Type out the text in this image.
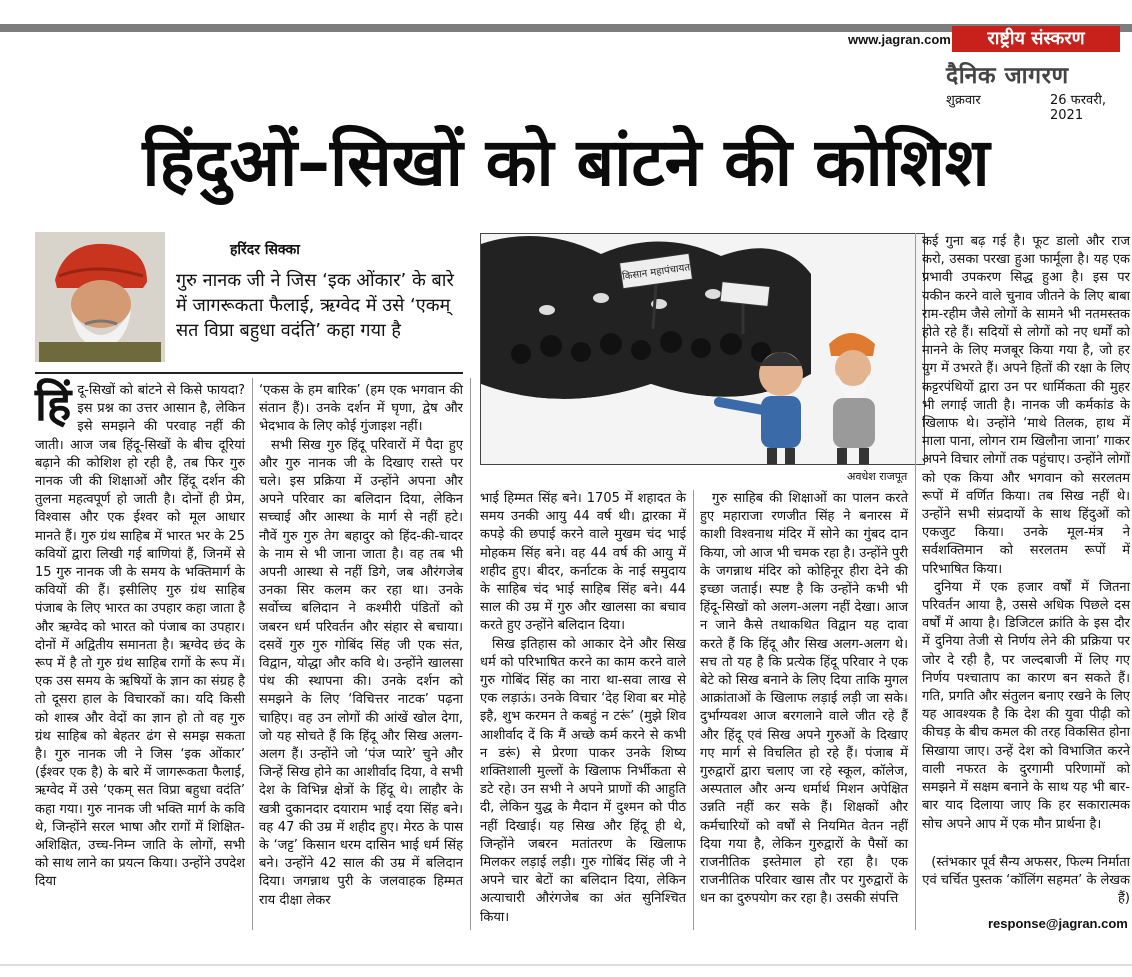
www.jagran.com	राष्ट्रीय संस्करण
दैनिक जागरण
शुक्रवार	26 फरवरी, 2021
हिंदुओं–सिखों को बांटने की कोशिश
हरिंदर सिक्का
गुरु नानक जी ने जिस ‘इक ओंकार’ के बारे में जागरूकता फैलाई, ऋग्वेद में उसे ‘एकम् सत विप्रा बहुधा वदंति’ कहा गया है
हिं दू-सिखों को बांटने से किसे फायदा? इस प्रश्न का उत्तर आसान है, लेकिन इसे समझने की परवाह नहीं की जाती। आज जब हिंदू-सिखों के बीच दूरियां बढ़ाने की कोशिश हो रही है, तब फिर गुरु नानक जी की शिक्षाओं और हिंदू दर्शन की तुलना महत्वपूर्ण हो जाती है। दोनों ही प्रेम, विश्वास और एक ईश्वर को मूल आधार मानते हैं। गुरु ग्रंथ साहिब में भारत भर के 25 कवियों द्वारा लिखी गई बाणियां हैं, जिनमें से 15 गुरु नानक जी के समय के भक्तिमार्ग के कवियों की हैं। इसीलिए गुरु ग्रंथ साहिब पंजाब के लिए भारत का उपहार कहा जाता है और ऋग्वेद को भारत को पंजाब का उपहार। दोनों में अद्वितीय समानता है। ऋग्वेद छंद के रूप में है तो गुरु ग्रंथ साहिब रागों के रूप में। एक उस समय के ऋषियों के ज्ञान का संग्रह है तो दूसरा हाल के विचारकों का। यदि किसी को शास्त्र और वेदों का ज्ञान हो तो वह गुरु ग्रंथ साहिब को बेहतर ढंग से समझ सकता है। गुरु नानक जी ने जिस ‘इक ओंकार’ (ईश्वर एक है) के बारे में जागरूकता फैलाई, ऋग्वेद में उसे ‘एकम् सत विप्रा बहुधा वदंति’ कहा गया। गुरु नानक जी भक्ति मार्ग के कवि थे, जिन्होंने सरल भाषा और रागों में शिक्षित-अशिक्षित, उच्च-निम्न जाति के लोगों, सभी को साथ लाने का प्रयत्न किया। उन्होंने उपदेश दिया

‘एकस के हम बारिक’ (हम एक भगवान की संतान हैं)। उनके दर्शन में घृणा, द्वेष और भेदभाव के लिए कोई गुंजाइश नहीं।

सभी सिख गुरु हिंदू परिवारों में पैदा हुए और गुरु नानक जी के दिखाए रास्ते पर चले। इस प्रक्रिया में उन्होंने अपना और अपने परिवार का बलिदान दिया, लेकिन सच्चाई और आस्था के मार्ग से नहीं हटे। नौवें गुरु गुरु तेग बहादुर को हिंद-की-चादर के नाम से भी जाना जाता है। वह तब भी अपनी आस्था से नहीं डिगे, जब औरंगजेब उनका सिर कलम कर रहा था। उनके सर्वोच्च बलिदान ने कश्मीरी पंडितों को जबरन धर्म परिवर्तन और संहार से बचाया। दसवें गुरु गुरु गोबिंद सिंह जी एक संत, विद्वान, योद्धा और कवि थे। उन्होंने खालसा पंथ की स्थापना की। उनके दर्शन को समझने के लिए ‘विचित्तर नाटक’ पढ़ना चाहिए। वह उन लोगों की आंखें खोल देगा, जो यह सोचते हैं कि हिंदू और सिख अलग-अलग हैं। उन्होंने जो ‘पंज प्यारे’ चुने और जिन्हें सिख होने का आशीर्वाद दिया, वे सभी देश के विभिन्न क्षेत्रों के हिंदू थे। लाहौर के खत्री दुकानदार दयाराम भाई दया सिंह बने। वह 47 की उम्र में शहीद हुए। मेरठ के पास के ‘जट्ट’ किसान धरम दासिन भाई धर्म सिंह बने। उन्होंने 42 साल की उम्र में बलिदान दिया। जगन्नाथ पुरी के जलवाहक हिम्मत राय दीक्षा लेकर

किसान महापंचायत
अवधेश राजपूत

भाई हिम्मत सिंह बने। 1705 में शहादत के समय उनकी आयु 44 वर्ष थी। द्वारका में कपड़े की छपाई करने वाले मुखम चंद भाई मोहकम सिंह बने। वह 44 वर्ष की आयु में शहीद हुए। बीदर, कर्नाटक के नाई समुदाय के साहिब चंद भाई साहिब सिंह बने। 44 साल की उम्र में गुरु और खालसा का बचाव करते हुए उन्होंने बलिदान दिया।

सिख इतिहास को आकार देने और सिख धर्म को परिभाषित करने का काम करने वाले गुरु गोबिंद सिंह का नारा था-सवा लाख से एक लड़ाऊं। उनके विचार ‘देह शिवा बर मोहे इहै, शुभ करमन ते कबहुं न टरूं’ (मुझे शिव आशीर्वाद दें कि मैं अच्छे कर्म करने से कभी न डरूं) से प्रेरणा पाकर उनके शिष्य शक्तिशाली मुल्लों के खिलाफ निर्भीकता से डटे रहे। उन सभी ने अपने प्राणों की आहुति दी, लेकिन युद्ध के मैदान में दुश्मन को पीठ नहीं दिखाई। यह सिख और हिंदू ही थे, जिन्होंने जबरन मतांतरण के खिलाफ मिलकर लड़ाई लड़ी। गुरु गोबिंद सिंह जी ने अपने चार बेटों का बलिदान दिया, लेकिन अत्याचारी औरंगजेब का अंत सुनिश्चित किया।

गुरु साहिब की शिक्षाओं का पालन करते हुए महाराजा रणजीत सिंह ने बनारस में काशी विश्वनाथ मंदिर में सोने का गुंबद दान किया, जो आज भी चमक रहा है। उन्होंने पुरी के जगन्नाथ मंदिर को कोहिनूर हीरा देने की इच्छा जताई। स्पष्ट है कि उन्होंने कभी भी हिंदू-सिखों को अलग-अलग नहीं देखा। आज न जाने कैसे तथाकथित विद्वान यह दावा करते हैं कि हिंदू और सिख अलग-अलग थे। सच तो यह है कि प्रत्येक हिंदू परिवार ने एक बेटे को सिख बनाने के लिए दिया ताकि मुगल आक्रांताओं के खिलाफ लड़ाई लड़ी जा सके। दुर्भाग्यवश आज बरगलाने वाले जीत रहे हैं और हिंदू एवं सिख अपने गुरुओं के दिखाए गए मार्ग से विचलित हो रहे हैं। पंजाब में गुरुद्वारों द्वारा चलाए जा रहे स्कूल, कॉलेज, अस्पताल और अन्य धर्मार्थ मिशन अपेक्षित उन्नति नहीं कर सके हैं। शिक्षकों और कर्मचारियों को वर्षों से नियमित वेतन नहीं दिया गया है, लेकिन गुरुद्वारों के पैसों का राजनीतिक इस्तेमाल हो रहा है। एक राजनीतिक परिवार खास तौर पर गुरुद्वारों के धन का दुरुपयोग कर रहा है। उसकी संपत्ति

कई गुना बढ़ गई है। फूट डालो और राज करो, उसका परखा हुआ फार्मूला है। यह एक प्रभावी उपकरण सिद्ध हुआ है। इस पर यकीन करने वाले चुनाव जीतने के लिए बाबा राम-रहीम जैसे लोगों के सामने भी नतमस्तक होते रहे हैं। सदियों से लोगों को नए धर्मों को मानने के लिए मजबूर किया गया है, जो हर युग में उभरते हैं। अपने हितों की रक्षा के लिए कट्टरपंथियों द्वारा उन पर धार्मिकता की मुहर भी लगाई जाती है। नानक जी कर्मकांड के खिलाफ थे। उन्होंने ‘माथे तिलक, हाथ में माला पाना, लोगन राम खिलौना जाना’ गाकर अपने विचार लोगों तक पहुंचाए। उन्होंने लोगों को एक किया और भगवान को सरलतम रूपों में वर्णित किया। तब सिख नहीं थे। उन्होंने सभी संप्रदायों के साथ हिंदुओं को एकजुट किया। उनके मूल-मंत्र ने सर्वशक्तिमान को सरलतम रूपों में परिभाषित किया।

दुनिया में एक हजार वर्षों में जितना परिवर्तन आया है, उससे अधिक पिछले दस वर्षों में आया है। डिजिटल क्रांति के इस दौर में दुनिया तेजी से निर्णय लेने की प्रक्रिया पर जोर दे रही है, पर जल्दबाजी में लिए गए निर्णय पश्चाताप का कारण बन सकते हैं। गति, प्रगति और संतुलन बनाए रखने के लिए यह आवश्यक है कि देश की युवा पीढ़ी को कीचड़ के बीच कमल की तरह विकसित होना सिखाया जाए। उन्हें देश को विभाजित करने वाली नफरत के दुरगामी परिणामों को समझने में सक्षम बनाने के साथ यह भी बार-बार याद दिलाया जाए कि हर सकारात्मक सोच अपने आप में एक मौन प्रार्थना है।

(स्तंभकार पूर्व सैन्य अफसर, फिल्म निर्माता एवं चर्चित पुस्तक ‘कॉलिंग सहमत’ के लेखक हैं)
response@jagran.com
